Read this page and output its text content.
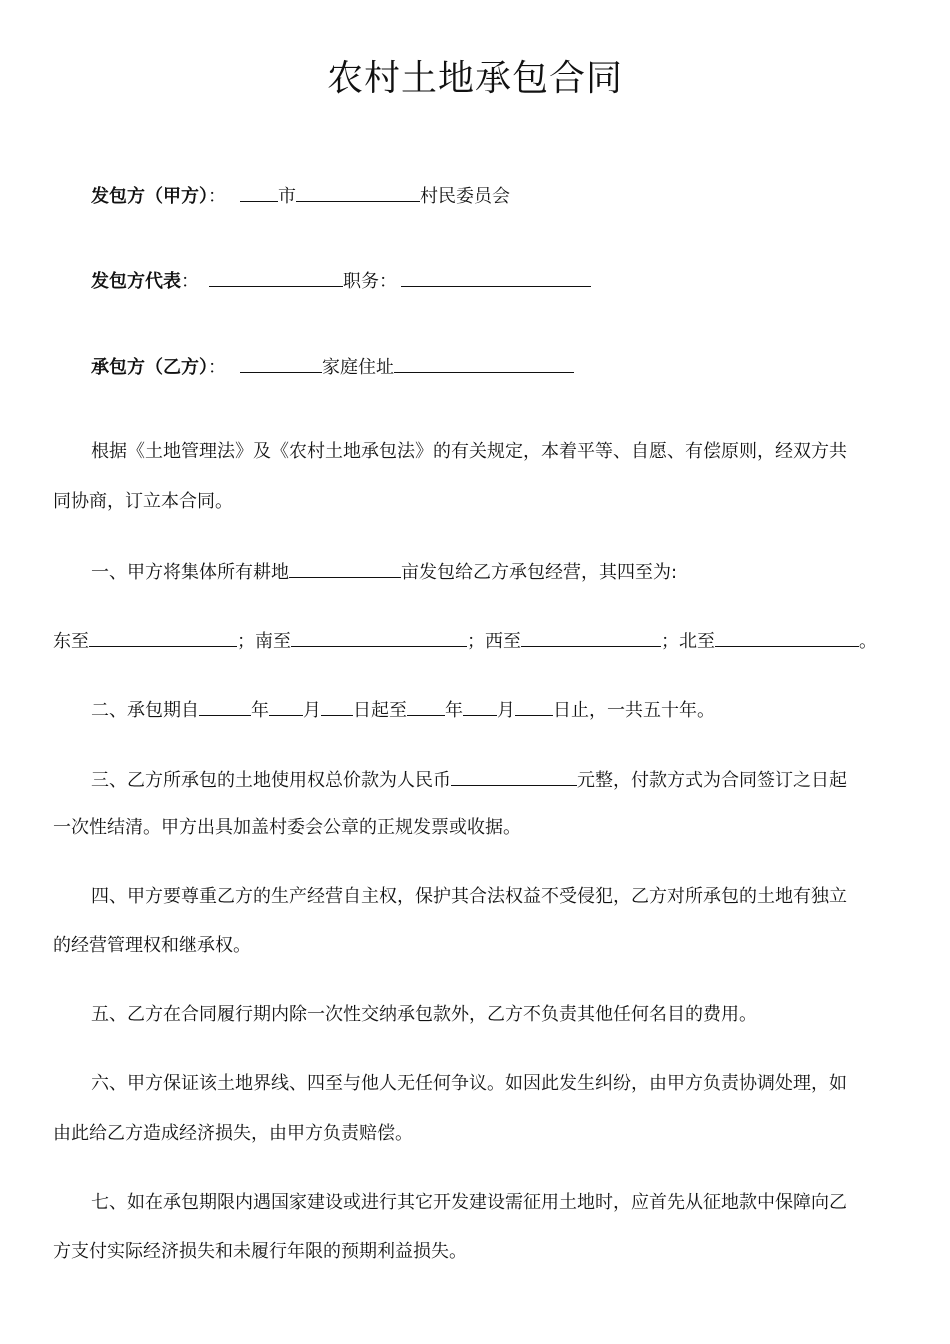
农村土地承包合同
发包方（甲方）：	市	村民委员会
发包方代表：	职务：
承包方（乙方）：	家庭住址
根据《土地管理法》及《农村土地承包法》的有关规定，本着平等、自愿、有偿原则，经双方共
同协商，订立本合同。
一、甲方将集体所有耕地	亩发包给乙方承包经营，其四至为:
东至	；南至	；西至	；北至	。
二、承包期自	年 月 日起至 年 月 日止，一共五十年。
三、乙方所承包的土地使用权总价款为人民币	元整，付款方式为合同签订之日起
一次性结清。甲方出具加盖村委会公章的正规发票或收据。
四、甲方要尊重乙方的生产经营自主权，保护其合法权益不受侵犯，乙方对所承包的土地有独立
的经营管理权和继承权。
五、乙方在合同履行期内除一次性交纳承包款外，乙方不负责其他任何名目的费用。
六、甲方保证该土地界线、四至与他人无任何争议。如因此发生纠纷，由甲方负责协调处理，如
由此给乙方造成经济损失，由甲方负责赔偿。
七、如在承包期限内遇国家建设或进行其它开发建设需征用土地时，应首先从征地款中保障向乙
方支付实际经济损失和未履行年限的预期利益损失。
